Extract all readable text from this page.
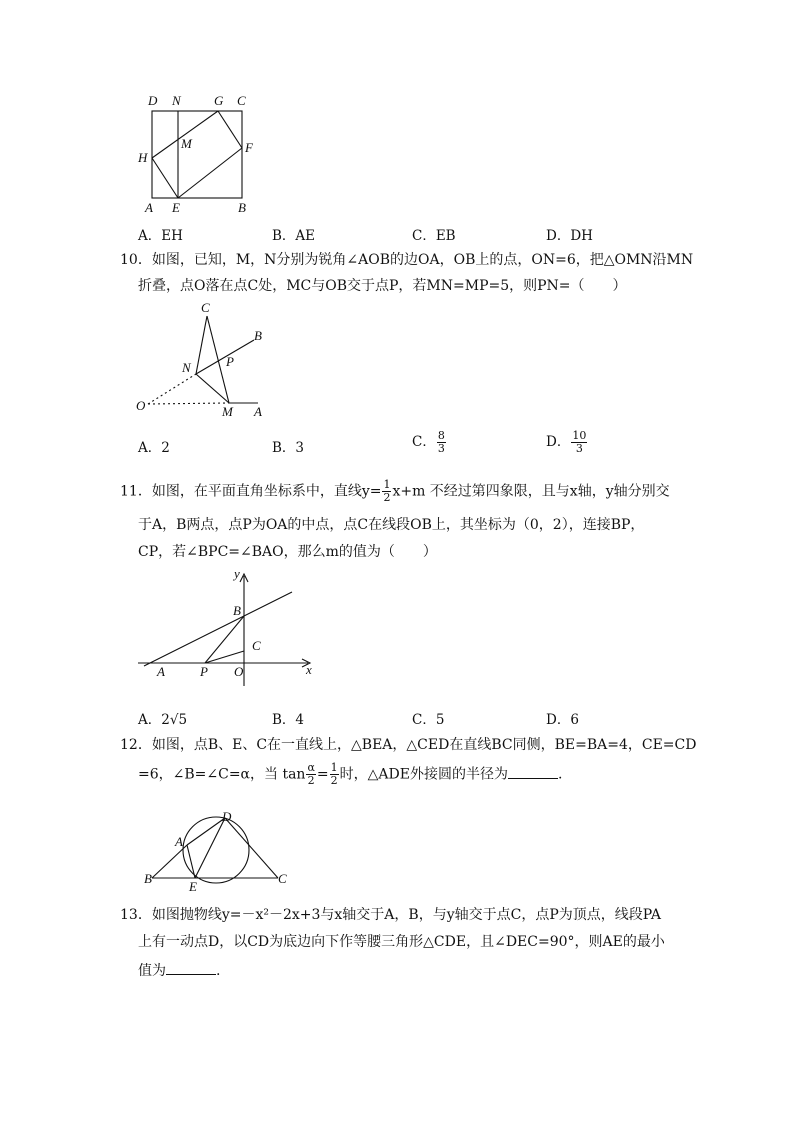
D N	G C
M
H
F
A E	B
A．EH	B．AE	C．EB	D．DH
10．如图，已知，M，N分别为锐角∠AOB的边OA，OB上的点，ON=6，把△OMN沿MN
折叠，点O落在点C处，MC与OB交于点P，若MN=MP=5，则PN=（　　）
C
B
N	P
O	M A
A．2	B．3	C． $\frac{8}{3}$	D． $\frac{10}{3}$
11．如图，在平面直角坐标系中，直线$y= \frac{1}{2} x+m$ 不经过第四象限，且与x轴，y轴分别交
于A，B两点，点P为OA的中点，点C在线段OB上，其坐标为（0，2），连接BP，
CP，若∠BPC=∠BAO，那么m的值为（　　）
y
x
B
C
A	P O
A．2√5	B．4	C．5	D．6
12．如图，点B、E、C在一直线上，△BEA，△CED在直线BC同侧，BE=BA=4，CE=CD
=6，∠B=∠C=α，当 $\tan \frac{\alpha}{2} = \frac{1}{2}$ 时，△ADE外接圆的半径为	.
D
A
B
E
C
13．如图抛物线y=－x²－2x+3与x轴交于A，B，与y轴交于点C，点P为顶点，线段PA
上有一动点D，以CD为底边向下作等腰三角形△CDE，且∠DEC=90°，则AE的最小
值为	.
